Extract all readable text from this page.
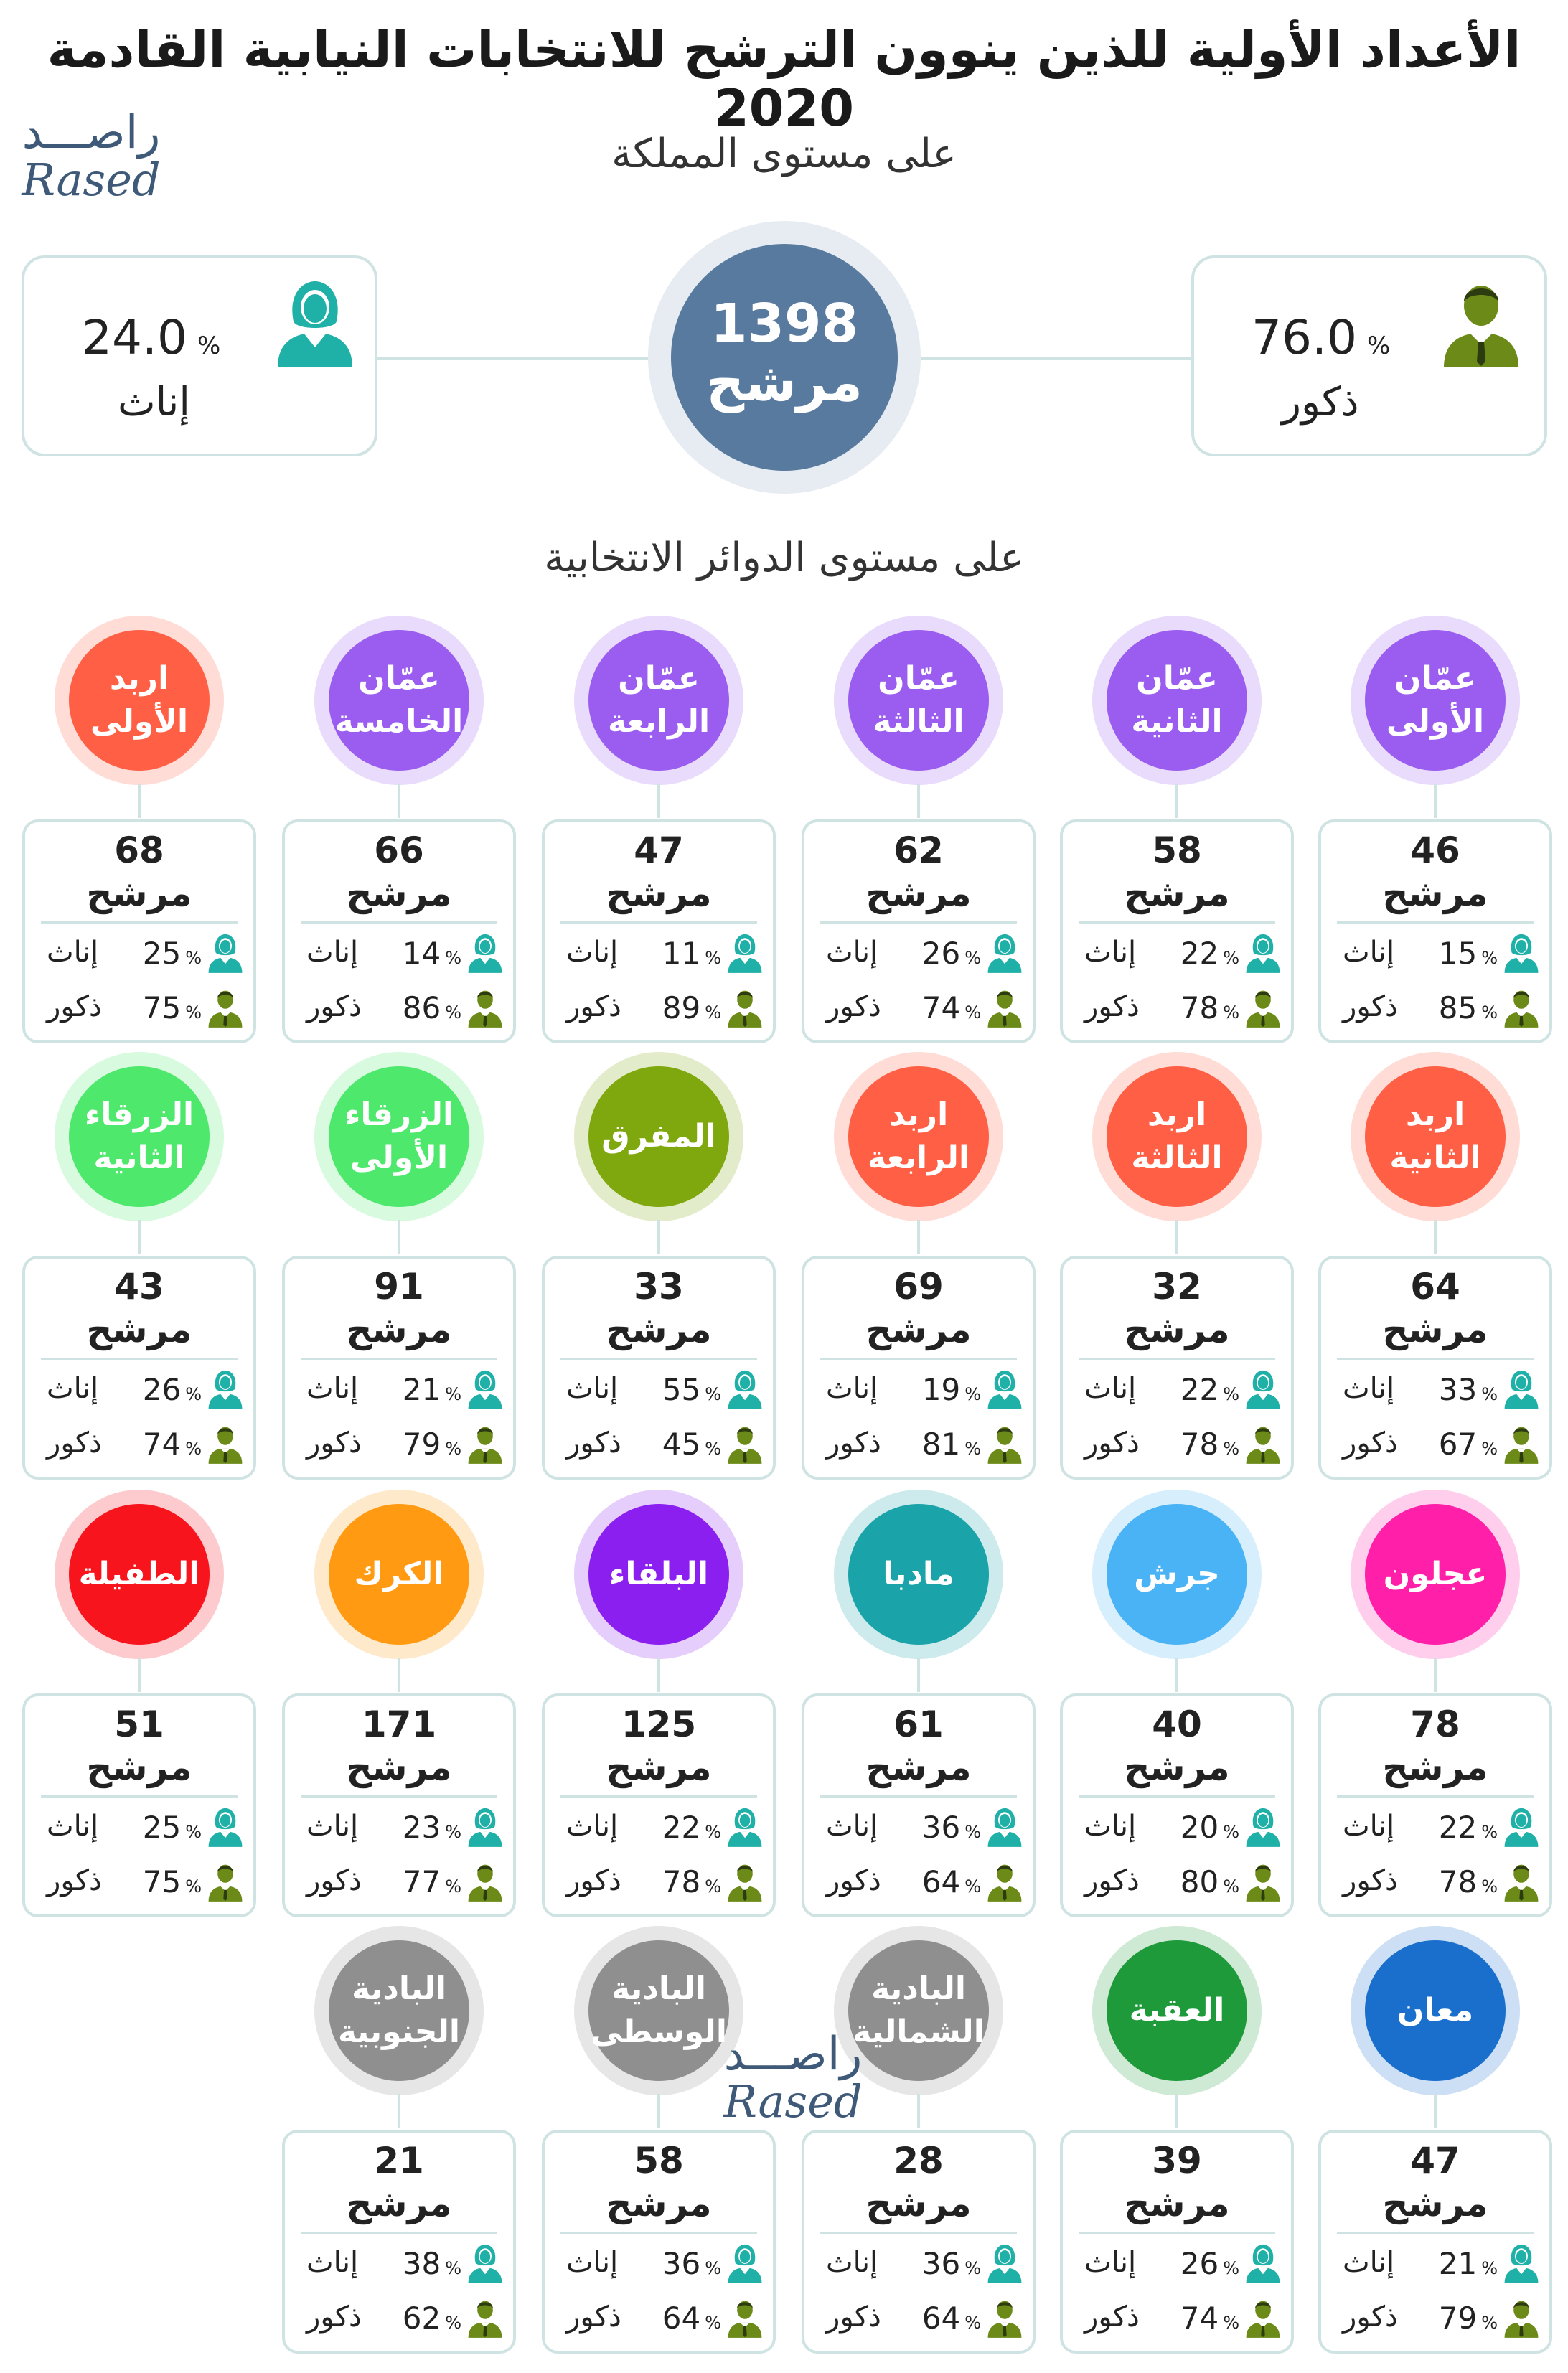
الأعداد الأولية للذين ينوون الترشح للانتخابات النيابية القادمة 2020
راصـــد
Rased	على مستوى المملكة
24.0 %
إناث
1398
مرشح
76.0 %
ذكور
على مستوى الدوائر الانتخابية
عمّان
الأولى
46
مرشح
15 %
إناث
85 %
ذكور
عمّان
الثانية
58
مرشح
22 %
إناث
78 %
ذكور
عمّان
الثالثة
62
مرشح
26 %
إناث
74 %
ذكور
عمّان
الرابعة
47
مرشح
11 %
إناث
89 %
ذكور
عمّان
الخامسة
66
مرشح
14 %
إناث
86 %
ذكور
اربد
الأولى
68
مرشح
25 %
إناث
75 %
ذكور
اربد
الثانية
64
مرشح
33 %
إناث
67 %
ذكور
اربد
الثالثة
32
مرشح
22 %
إناث
78 %
ذكور
اربد
الرابعة
69
مرشح
19 %
إناث
81 %
ذكور
المفرق
33
مرشح
55 %
إناث
45 %
ذكور
الزرقاء
الأولى
91
مرشح
21 %
إناث
79 %
ذكور
الزرقاء
الثانية
43
مرشح
26 %
إناث
74 %
ذكور
عجلون
78
مرشح
22 %
إناث
78 %
ذكور
جرش
40
مرشح
20 %
إناث
80 %
ذكور
مادبا
61
مرشح
36 %
إناث
64 %
ذكور
البلقاء
125
مرشح
22 %
إناث
78 %
ذكور
الكرك
171
مرشح
23 %
إناث
77 %
ذكور
الطفيلة
51
مرشح
25 %
إناث
75 %
ذكور
معان
47
مرشح
21 %
إناث
79 %
ذكور
العقبة
39
مرشح
26 %
إناث
74 %
ذكور
البادية
الشمالية
28
مرشح
36 %
إناث
64 %
ذكور
البادية
الوسطى
58
مرشح
36 %
إناث
64 %
ذكور
البادية
الجنوبية
21
مرشح
38 %
إناث
62 %
ذكور
راصـــد
Rased
